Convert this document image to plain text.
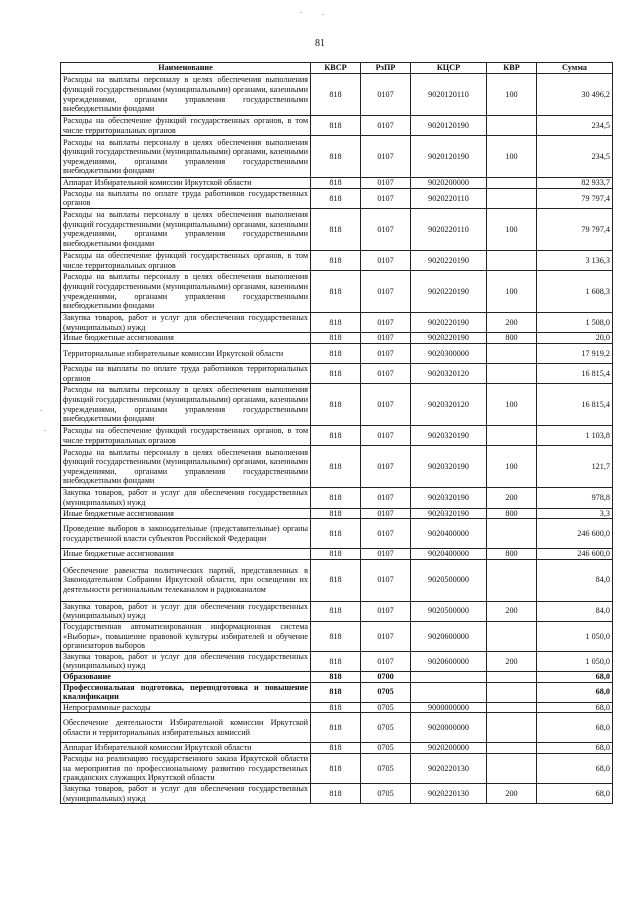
81
Наименование	КВСР	РзПР	КЦСР	КВР	Сумма
Расходы на выплаты персоналу в целях обеспечения выполнения функций государственными (муниципальными) органами, казенными учреждениями, органами управления государственными внебюджетными фондами	818	0107	9020120110	100	30 496,2
Расходы на обеспечение функций государственных органов, в том числе территориальных органов	818	0107	9020120190		234,5
Расходы на выплаты персоналу в целях обеспечения выполнения функций государственными (муниципальными) органами, казенными учреждениями, органами управления государственными внебюджетными фондами	818	0107	9020120190	100	234,5
Аппарат Избирательной комиссии Иркутской области	818	0107	9020200000		82 933,7
Расходы на выплаты по оплате труда работников государственных органов	818	0107	9020220110		79 797,4
Расходы на выплаты персоналу в целях обеспечения выполнения функций государственными (муниципальными) органами, казенными учреждениями, органами управления государственными внебюджетными фондами	818	0107	9020220110	100	79 797,4
Расходы на обеспечение функций государственных органов, в том числе территориальных органов	818	0107	9020220190		3 136,3
Расходы на выплаты персоналу в целях обеспечения выполнения функций государственными (муниципальными) органами, казенными учреждениями, органами управления государственными внебюджетными фондами	818	0107	9020220190	100	1 608,3
Закупка товаров, работ и услуг для обеспечения государственных (муниципальных) нужд	818	0107	9020220190	200	1 508,0
Иные бюджетные ассигнования	818	0107	9020220190	800	20,0
Территориальные избирательные комиссии Иркутской области	818	0107	9020300000		17 919,2
Расходы на выплаты по оплате труда работников территориальных органов	818	0107	9020320120		16 815,4
Расходы на выплаты персоналу в целях обеспечения выполнения функций государственными (муниципальными) органами, казенными учреждениями, органами управления государственными внебюджетными фондами	818	0107	9020320120	100	16 815,4
Расходы на обеспечение функций государственных органов, в том числе территориальных органов	818	0107	9020320190		1 103,8
Расходы на выплаты персоналу в целях обеспечения выполнения функций государственными (муниципальными) органами, казенными учреждениями, органами управления государственными внебюджетными фондами	818	0107	9020320190	100	121,7
Закупка товаров, работ и услуг для обеспечения государственных (муниципальных) нужд	818	0107	9020320190	200	978,8
Иные бюджетные ассигнования	818	0107	9020320190	800	3,3
Проведение выборов в законодательные (представительные) органы государственной власти субъектов Российской Федерации	818	0107	9020400000		246 600,0
Иные бюджетные ассигнования	818	0107	9020400000	800	246 600,0
Обеспечение равенства политических партий, представленных в Законодательном Собрании Иркутской области, при освещении их деятельности региональным телеканалом и радиоканалом	818	0107	9020500000		84,0
Закупка товаров, работ и услуг для обеспечения государственных (муниципальных) нужд	818	0107	9020500000	200	84,0
Государственная автоматизированная информационная система «Выборы», повышение правовой культуры избирателей и обучение организаторов выборов	818	0107	9020600000		1 050,0
Закупка товаров, работ и услуг для обеспечения государственных (муниципальных) нужд	818	0107	9020600000	200	1 050,0
Образование	818	0700			68,0
Профессиональная подготовка, переподготовка и повышение квалификации	818	0705			68,0
Непрограммные расходы	818	0705	9000000000		68,0
Обеспечение деятельности Избирательной комиссии Иркутской области и территориальных избирательных комиссий	818	0705	9020000000		68,0
Аппарат Избирательной комиссии Иркутской области	818	0705	9020200000		68,0
Расходы на реализацию государственного заказа Иркутской области на мероприятия по профессиональному развитию государственных гражданских служащих Иркутской области	818	0705	9020220130		68,0
Закупка товаров, работ и услуг для обеспечения государственных (муниципальных) нужд	818	0705	9020220130	200	68,0
